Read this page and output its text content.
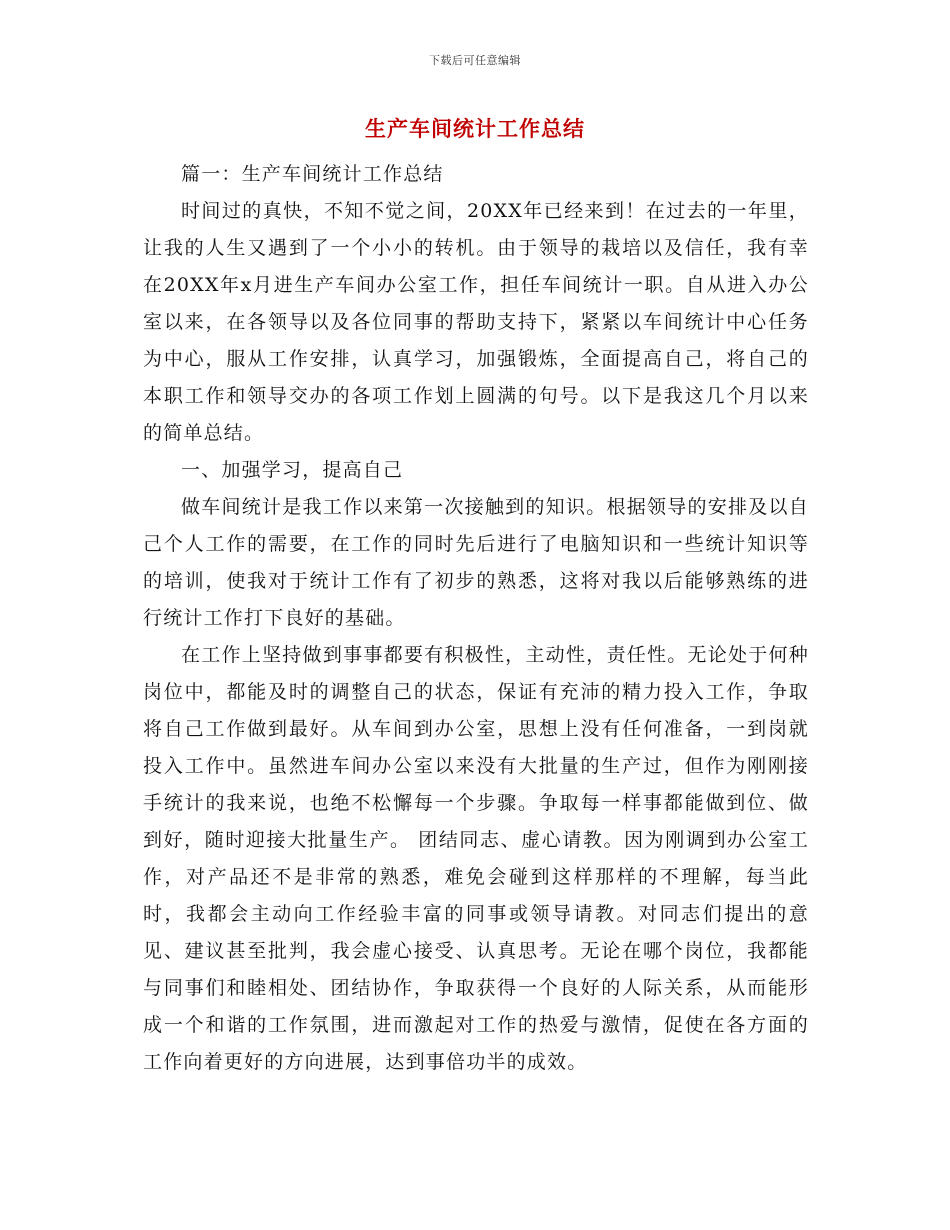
下载后可任意编辑
生产车间统计工作总结

篇一：生产车间统计工作总结

时间过的真快，不知不觉之间，20XX年已经来到！在过去的一年里，让我的人生又遇到了一个小小的转机。由于领导的栽培以及信任，我有幸在20XX年x月进生产车间办公室工作，担任车间统计一职。自从进入办公室以来，在各领导以及各位同事的帮助支持下，紧紧以车间统计中心任务为中心，服从工作安排，认真学习，加强锻炼，全面提高自己，将自己的本职工作和领导交办的各项工作划上圆满的句号。以下是我这几个月以来的简单总结。

一、加强学习，提高自己

做车间统计是我工作以来第一次接触到的知识。根据领导的安排及以自己个人工作的需要，在工作的同时先后进行了电脑知识和一些统计知识等的培训，使我对于统计工作有了初步的熟悉，这将对我以后能够熟练的进行统计工作打下良好的基础。

在工作上坚持做到事事都要有积极性，主动性，责任性。无论处于何种岗位中，都能及时的调整自己的状态，保证有充沛的精力投入工作，争取将自己工作做到最好。从车间到办公室，思想上没有任何准备，一到岗就投入工作中。虽然进车间办公室以来没有大批量的生产过，但作为刚刚接手统计的我来说，也绝不松懈每一个步骤。争取每一样事都能做到位、做到好，随时迎接大批量生产。 团结同志、虚心请教。因为刚调到办公室工作，对产品还不是非常的熟悉，难免会碰到这样那样的不理解，每当此时，我都会主动向工作经验丰富的同事或领导请教。对同志们提出的意见、建议甚至批判，我会虚心接受、认真思考。无论在哪个岗位，我都能与同事们和睦相处、团结协作，争取获得一个良好的人际关系，从而能形成一个和谐的工作氛围，进而激起对工作的热爱与激情，促使在各方面的工作向着更好的方向进展，达到事倍功半的成效。
